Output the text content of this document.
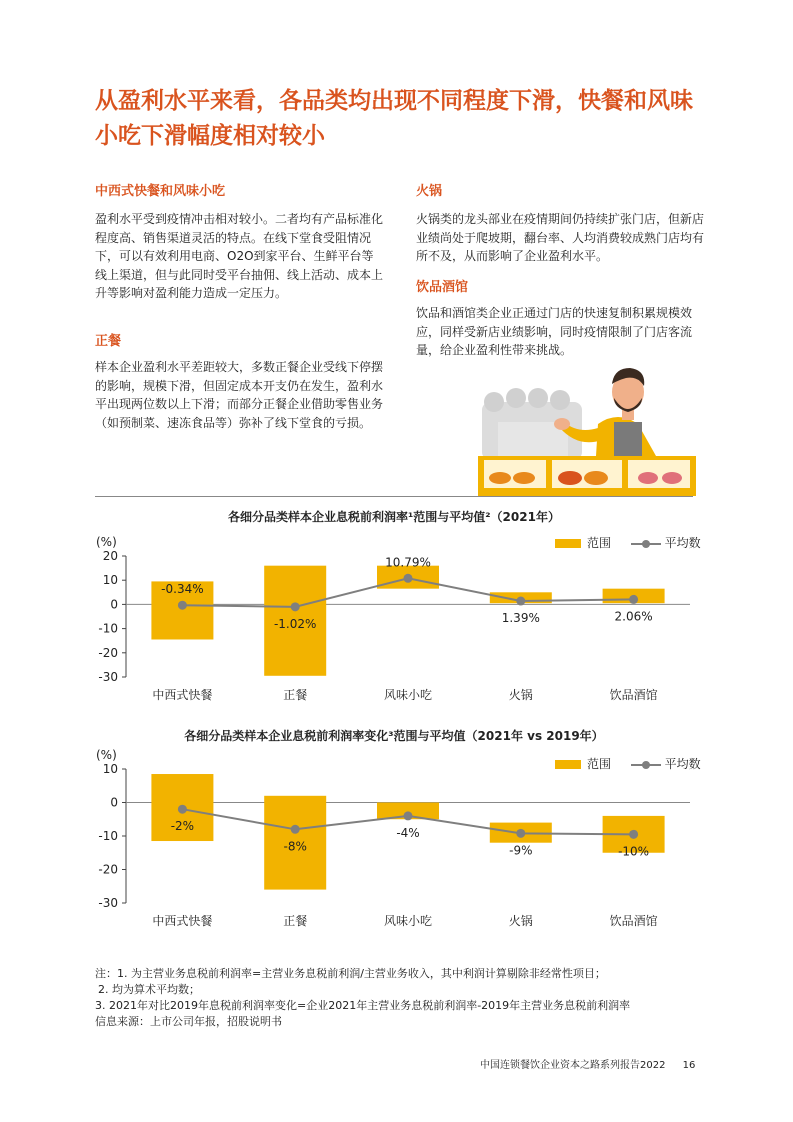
从盈利水平来看，各品类均出现不同程度下滑，快餐和风味小吃下滑幅度相对较小
中西式快餐和风味小吃
盈利水平受到疫情冲击相对较小。二者均有产品标准化程度高、销售渠道灵活的特点。在线下堂食受阻情况下，可以有效利用电商、O2O到家平台、生鲜平台等线上渠道，但与此同时受平台抽佣、线上活动、成本上升等影响对盈利能力造成一定压力。
正餐
样本企业盈利水平差距较大，多数正餐企业受线下停摆的影响，规模下滑，但固定成本开支仍在发生，盈利水平出现两位数以上下滑；而部分正餐企业借助零售业务（如预制菜、速冻食品等）弥补了线下堂食的亏损。
火锅
火锅类的龙头部业在疫情期间仍持续扩张门店，但新店业绩尚处于爬坡期，翻台率、人均消费较成熟门店均有所不及，从而影响了企业盈利水平。
饮品酒馆
饮品和酒馆类企业正通过门店的快速复制积累规模效应，同样受新店业绩影响，同时疫情限制了门店客流量，给企业盈利性带来挑战。
各细分品类样本企业息税前利润率¹范围与平均值²（2021年）
范围	平均数
(%)
20
10
0
-10
-20
-30
-0.34%
-1.02%
10.79%
1.39%	2.06%
中西式快餐	正餐	风味小吃	火锅	饮品酒馆
各细分品类样本企业息税前利润率变化³范围与平均值（2021年 vs 2019年）
范围	平均数
(%)
10
0
-10
-20
-30
-2%
-8%
-4%
-9%	-10%
中西式快餐	正餐	风味小吃	火锅	饮品酒馆
注：1. 为主营业务息税前利润率=主营业务息税前利润/主营业务收入，其中利润计算剔除非经常性项目；
2. 均为算术平均数；
3. 2021年对比2019年息税前利润率变化=企业2021年主营业务息税前利润率-2019年主营业务息税前利润率
信息来源：上市公司年报，招股说明书
中国连锁餐饮企业资本之路系列报告2022 16
